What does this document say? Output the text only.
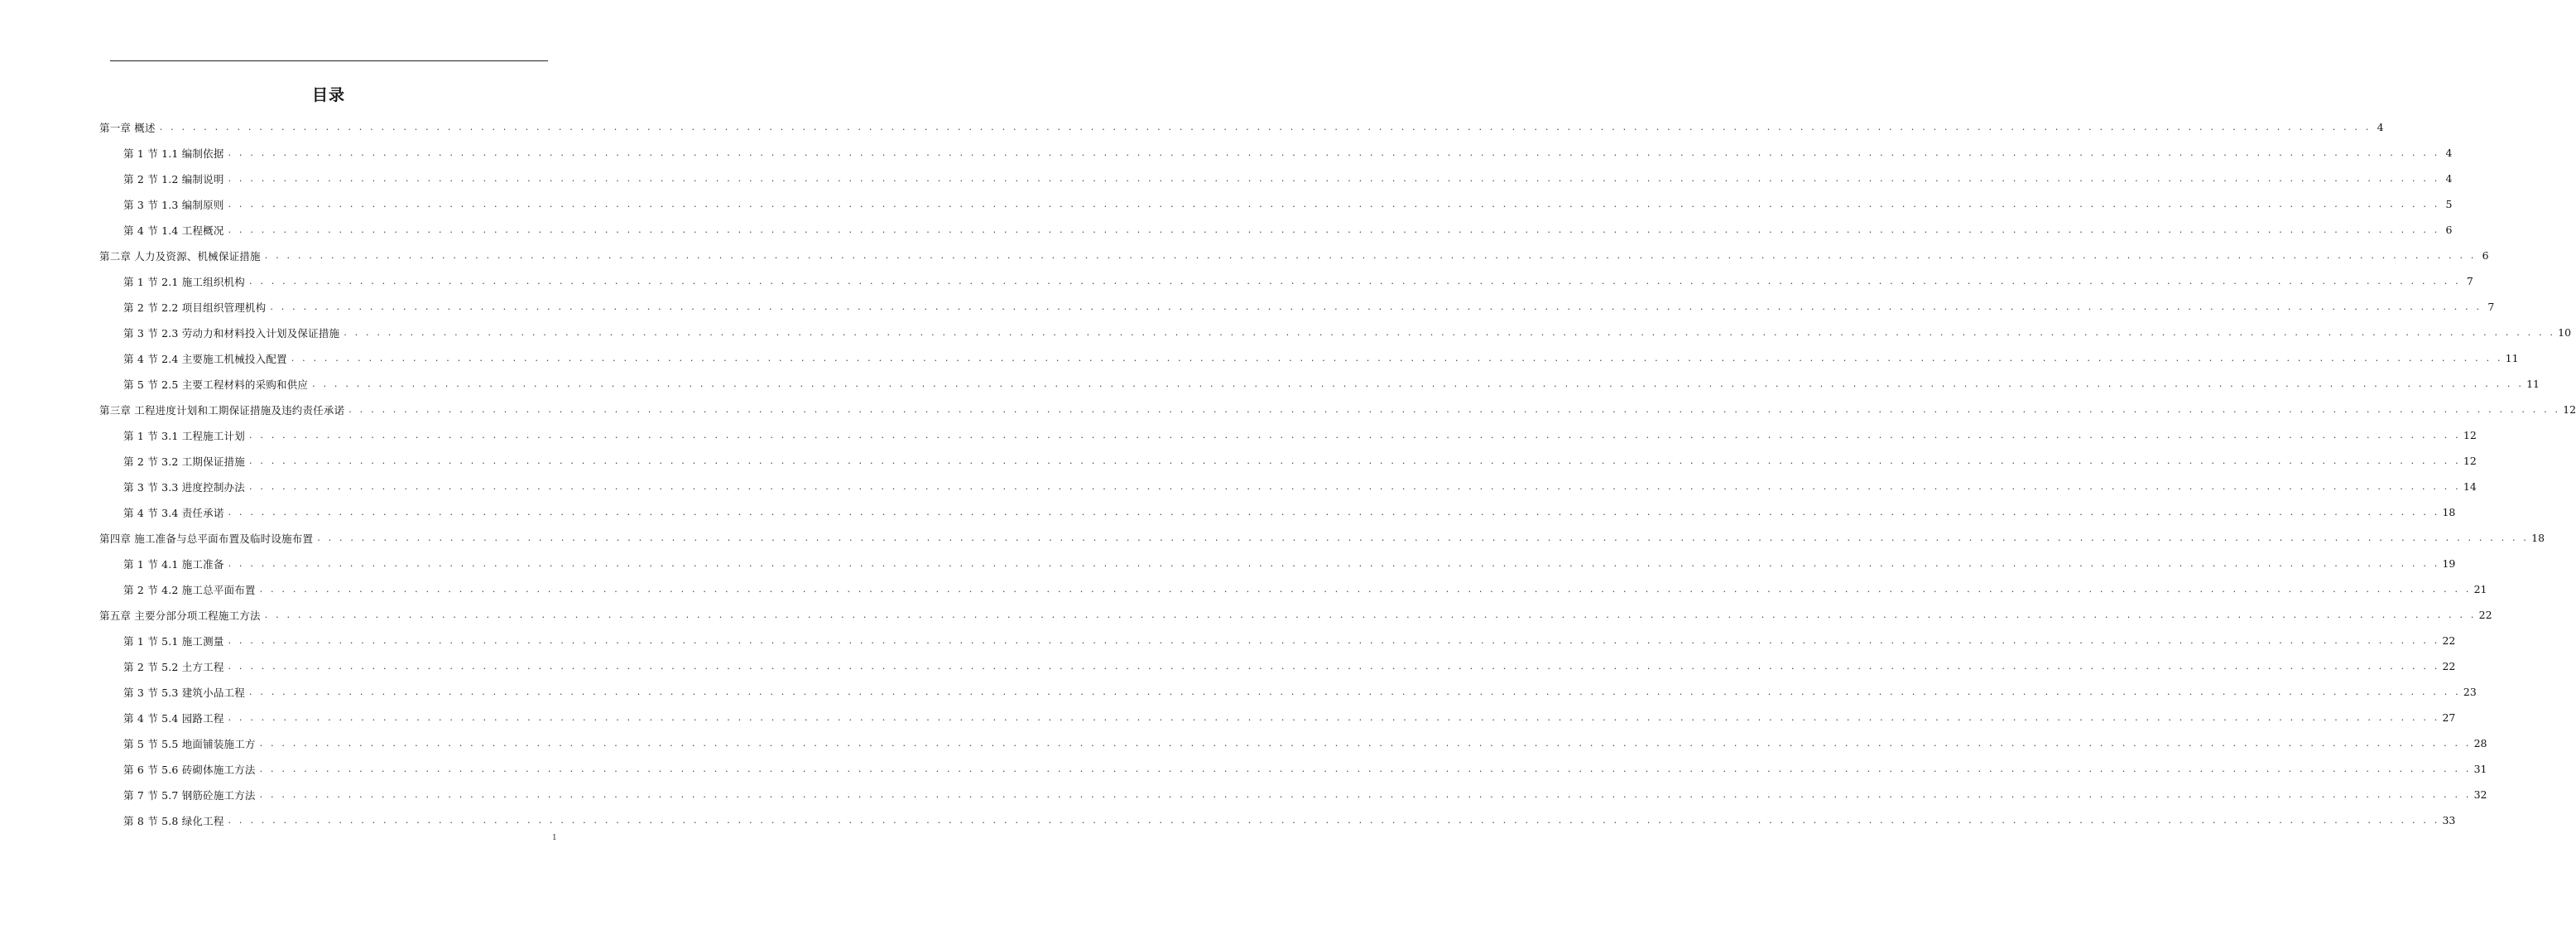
目录
第一章 概述 . . . . . . . . . . . . . . . . . . . . . . . . . . . . . . . . . . . . . . . . . . . . . . . . . . . . . . . . . . . . . . . . . . . . . . . . . . . . . . . . . . . . . . . . . . . . . . . . . . . . . . . . . . . . . . . . . . . . . . . . . . . . . . . . . . . . . . . . . . . . . . . . . . . . . . . . . . . . . . . . . . . . . . . . . . . . . . . . . . . . . . . . . . . . . . . . . . . . . . . . 4
第 1 节 1.1 编制依据 . . . . . . . . . . . . . . . . . . . . . . . . . . . . . . . . . . . . . . . . . . . . . . . . . . . . . . . . . . . . . . . . . . . . . . . . . . . . . . . . . . . . . . . . . . . . . . . . . . . . . . . . . . . . . . . . . . . . . . . . . . . . . . . . . . . . . . . . . . . . . . . . . . . . . . . . . . . . . . . . . . . . . . . . . . . . . . . . . . . . . . . . . . . . . . . . . . . . . . . . 4
第 2 节 1.2 编制说明 . . . . . . . . . . . . . . . . . . . . . . . . . . . . . . . . . . . . . . . . . . . . . . . . . . . . . . . . . . . . . . . . . . . . . . . . . . . . . . . . . . . . . . . . . . . . . . . . . . . . . . . . . . . . . . . . . . . . . . . . . . . . . . . . . . . . . . . . . . . . . . . . . . . . . . . . . . . . . . . . . . . . . . . . . . . . . . . . . . . . . . . . . . . . . . . . . . . . . . . . 4
第 3 节 1.3 编制原则 . . . . . . . . . . . . . . . . . . . . . . . . . . . . . . . . . . . . . . . . . . . . . . . . . . . . . . . . . . . . . . . . . . . . . . . . . . . . . . . . . . . . . . . . . . . . . . . . . . . . . . . . . . . . . . . . . . . . . . . . . . . . . . . . . . . . . . . . . . . . . . . . . . . . . . . . . . . . . . . . . . . . . . . . . . . . . . . . . . . . . . . . . . . . . . . . . . . . . . . . 5
第 4 节 1.4 工程概况 . . . . . . . . . . . . . . . . . . . . . . . . . . . . . . . . . . . . . . . . . . . . . . . . . . . . . . . . . . . . . . . . . . . . . . . . . . . . . . . . . . . . . . . . . . . . . . . . . . . . . . . . . . . . . . . . . . . . . . . . . . . . . . . . . . . . . . . . . . . . . . . . . . . . . . . . . . . . . . . . . . . . . . . . . . . . . . . . . . . . . . . . . . . . . . . . . . . . . . . . 6
第二章 人力及资源、机械保证措施 . . . . . . . . . . . . . . . . . . . . . . . . . . . . . . . . . . . . . . . . . . . . . . . . . . . . . . . . . . . . . . . . . . . . . . . . . . . . . . . . . . . . . . . . . . . . . . . . . . . . . . . . . . . . . . . . . . . . . . . . . . . . . . . . . . . . . . . . . . . . . . . . . . . . . . . . . . . . . . . . . . . . . . . . . . . . . . . . . . . . . . . . . . . . . . . . . . . . . . . . 6
第 1 节 2.1 施工组织机构 . . . . . . . . . . . . . . . . . . . . . . . . . . . . . . . . . . . . . . . . . . . . . . . . . . . . . . . . . . . . . . . . . . . . . . . . . . . . . . . . . . . . . . . . . . . . . . . . . . . . . . . . . . . . . . . . . . . . . . . . . . . . . . . . . . . . . . . . . . . . . . . . . . . . . . . . . . . . . . . . . . . . . . . . . . . . . . . . . . . . . . . . . . . . . . . . . . . . . . . . 7
第 2 节 2.2 项目组织管理机构 . . . . . . . . . . . . . . . . . . . . . . . . . . . . . . . . . . . . . . . . . . . . . . . . . . . . . . . . . . . . . . . . . . . . . . . . . . . . . . . . . . . . . . . . . . . . . . . . . . . . . . . . . . . . . . . . . . . . . . . . . . . . . . . . . . . . . . . . . . . . . . . . . . . . . . . . . . . . . . . . . . . . . . . . . . . . . . . . . . . . . . . . . . . . . . . . . . . . . . . . 7
第 3 节 2.3 劳动力和材料投入计划及保证措施 . . . . . . . . . . . . . . . . . . . . . . . . . . . . . . . . . . . . . . . . . . . . . . . . . . . . . . . . . . . . . . . . . . . . . . . . . . . . . . . . . . . . . . . . . . . . . . . . . . . . . . . . . . . . . . . . . . . . . . . . . . . . . . . . . . . . . . . . . . . . . . . . . . . . . . . . . . . . . . . . . . . . . . . . . . . . . . . . . . . . . . . . . . . . . . . . . . . . . . . . 10
第 4 节 2.4 主要施工机械投入配置 . . . . . . . . . . . . . . . . . . . . . . . . . . . . . . . . . . . . . . . . . . . . . . . . . . . . . . . . . . . . . . . . . . . . . . . . . . . . . . . . . . . . . . . . . . . . . . . . . . . . . . . . . . . . . . . . . . . . . . . . . . . . . . . . . . . . . . . . . . . . . . . . . . . . . . . . . . . . . . . . . . . . . . . . . . . . . . . . . . . . . . . . . . . . . . . . . . . . . . . . 11
第 5 节 2.5 主要工程材料的采购和供应 . . . . . . . . . . . . . . . . . . . . . . . . . . . . . . . . . . . . . . . . . . . . . . . . . . . . . . . . . . . . . . . . . . . . . . . . . . . . . . . . . . . . . . . . . . . . . . . . . . . . . . . . . . . . . . . . . . . . . . . . . . . . . . . . . . . . . . . . . . . . . . . . . . . . . . . . . . . . . . . . . . . . . . . . . . . . . . . . . . . . . . . . . . . . . . . . . . . . . . . . 11
第三章 工程进度计划和工期保证措施及违约责任承诺 . . . . . . . . . . . . . . . . . . . . . . . . . . . . . . . . . . . . . . . . . . . . . . . . . . . . . . . . . . . . . . . . . . . . . . . . . . . . . . . . . . . . . . . . . . . . . . . . . . . . . . . . . . . . . . . . . . . . . . . . . . . . . . . . . . . . . . . . . . . . . . . . . . . . . . . . . . . . . . . . . . . . . . . . . . . . . . . . . . . . . . . . . . . . . . . . . . . . . . . . 12
第 1 节 3.1 工程施工计划 . . . . . . . . . . . . . . . . . . . . . . . . . . . . . . . . . . . . . . . . . . . . . . . . . . . . . . . . . . . . . . . . . . . . . . . . . . . . . . . . . . . . . . . . . . . . . . . . . . . . . . . . . . . . . . . . . . . . . . . . . . . . . . . . . . . . . . . . . . . . . . . . . . . . . . . . . . . . . . . . . . . . . . . . . . . . . . . . . . . . . . . . . . . . . . . . . . . . . . . . 12
第 2 节 3.2 工期保证措施 . . . . . . . . . . . . . . . . . . . . . . . . . . . . . . . . . . . . . . . . . . . . . . . . . . . . . . . . . . . . . . . . . . . . . . . . . . . . . . . . . . . . . . . . . . . . . . . . . . . . . . . . . . . . . . . . . . . . . . . . . . . . . . . . . . . . . . . . . . . . . . . . . . . . . . . . . . . . . . . . . . . . . . . . . . . . . . . . . . . . . . . . . . . . . . . . . . . . . . . . 12
第 3 节 3.3 进度控制办法 . . . . . . . . . . . . . . . . . . . . . . . . . . . . . . . . . . . . . . . . . . . . . . . . . . . . . . . . . . . . . . . . . . . . . . . . . . . . . . . . . . . . . . . . . . . . . . . . . . . . . . . . . . . . . . . . . . . . . . . . . . . . . . . . . . . . . . . . . . . . . . . . . . . . . . . . . . . . . . . . . . . . . . . . . . . . . . . . . . . . . . . . . . . . . . . . . . . . . . . . 14
第 4 节 3.4 责任承诺 . . . . . . . . . . . . . . . . . . . . . . . . . . . . . . . . . . . . . . . . . . . . . . . . . . . . . . . . . . . . . . . . . . . . . . . . . . . . . . . . . . . . . . . . . . . . . . . . . . . . . . . . . . . . . . . . . . . . . . . . . . . . . . . . . . . . . . . . . . . . . . . . . . . . . . . . . . . . . . . . . . . . . . . . . . . . . . . . . . . . . . . . . . . . . . . . . . . . . . . . 18
第四章 施工准备与总平面布置及临时设施布置 . . . . . . . . . . . . . . . . . . . . . . . . . . . . . . . . . . . . . . . . . . . . . . . . . . . . . . . . . . . . . . . . . . . . . . . . . . . . . . . . . . . . . . . . . . . . . . . . . . . . . . . . . . . . . . . . . . . . . . . . . . . . . . . . . . . . . . . . . . . . . . . . . . . . . . . . . . . . . . . . . . . . . . . . . . . . . . . . . . . . . . . . . . . . . . . . . . . . . . . . 18
第 1 节 4.1 施工准备 . . . . . . . . . . . . . . . . . . . . . . . . . . . . . . . . . . . . . . . . . . . . . . . . . . . . . . . . . . . . . . . . . . . . . . . . . . . . . . . . . . . . . . . . . . . . . . . . . . . . . . . . . . . . . . . . . . . . . . . . . . . . . . . . . . . . . . . . . . . . . . . . . . . . . . . . . . . . . . . . . . . . . . . . . . . . . . . . . . . . . . . . . . . . . . . . . . . . . . . . 19
第 2 节 4.2 施工总平面布置 . . . . . . . . . . . . . . . . . . . . . . . . . . . . . . . . . . . . . . . . . . . . . . . . . . . . . . . . . . . . . . . . . . . . . . . . . . . . . . . . . . . . . . . . . . . . . . . . . . . . . . . . . . . . . . . . . . . . . . . . . . . . . . . . . . . . . . . . . . . . . . . . . . . . . . . . . . . . . . . . . . . . . . . . . . . . . . . . . . . . . . . . . . . . . . . . . . . . . . . . 21
第五章 主要分部分项工程施工方法 . . . . . . . . . . . . . . . . . . . . . . . . . . . . . . . . . . . . . . . . . . . . . . . . . . . . . . . . . . . . . . . . . . . . . . . . . . . . . . . . . . . . . . . . . . . . . . . . . . . . . . . . . . . . . . . . . . . . . . . . . . . . . . . . . . . . . . . . . . . . . . . . . . . . . . . . . . . . . . . . . . . . . . . . . . . . . . . . . . . . . . . . . . . . . . . . . . . . . . . . 22
第 1 节 5.1 施工测量 . . . . . . . . . . . . . . . . . . . . . . . . . . . . . . . . . . . . . . . . . . . . . . . . . . . . . . . . . . . . . . . . . . . . . . . . . . . . . . . . . . . . . . . . . . . . . . . . . . . . . . . . . . . . . . . . . . . . . . . . . . . . . . . . . . . . . . . . . . . . . . . . . . . . . . . . . . . . . . . . . . . . . . . . . . . . . . . . . . . . . . . . . . . . . . . . . . . . . . . . 22
第 2 节 5.2 土方工程 . . . . . . . . . . . . . . . . . . . . . . . . . . . . . . . . . . . . . . . . . . . . . . . . . . . . . . . . . . . . . . . . . . . . . . . . . . . . . . . . . . . . . . . . . . . . . . . . . . . . . . . . . . . . . . . . . . . . . . . . . . . . . . . . . . . . . . . . . . . . . . . . . . . . . . . . . . . . . . . . . . . . . . . . . . . . . . . . . . . . . . . . . . . . . . . . . . . . . . . . 22
第 3 节 5.3 建筑小品工程 . . . . . . . . . . . . . . . . . . . . . . . . . . . . . . . . . . . . . . . . . . . . . . . . . . . . . . . . . . . . . . . . . . . . . . . . . . . . . . . . . . . . . . . . . . . . . . . . . . . . . . . . . . . . . . . . . . . . . . . . . . . . . . . . . . . . . . . . . . . . . . . . . . . . . . . . . . . . . . . . . . . . . . . . . . . . . . . . . . . . . . . . . . . . . . . . . . . . . . . . 23
第 4 节 5.4 园路工程 . . . . . . . . . . . . . . . . . . . . . . . . . . . . . . . . . . . . . . . . . . . . . . . . . . . . . . . . . . . . . . . . . . . . . . . . . . . . . . . . . . . . . . . . . . . . . . . . . . . . . . . . . . . . . . . . . . . . . . . . . . . . . . . . . . . . . . . . . . . . . . . . . . . . . . . . . . . . . . . . . . . . . . . . . . . . . . . . . . . . . . . . . . . . . . . . . . . . . . . . 27
第 5 节 5.5 地面铺装施工方 . . . . . . . . . . . . . . . . . . . . . . . . . . . . . . . . . . . . . . . . . . . . . . . . . . . . . . . . . . . . . . . . . . . . . . . . . . . . . . . . . . . . . . . . . . . . . . . . . . . . . . . . . . . . . . . . . . . . . . . . . . . . . . . . . . . . . . . . . . . . . . . . . . . . . . . . . . . . . . . . . . . . . . . . . . . . . . . . . . . . . . . . . . . . . . . . . . . . . . . . 28
第 6 节 5.6 砖砌体施工方法 . . . . . . . . . . . . . . . . . . . . . . . . . . . . . . . . . . . . . . . . . . . . . . . . . . . . . . . . . . . . . . . . . . . . . . . . . . . . . . . . . . . . . . . . . . . . . . . . . . . . . . . . . . . . . . . . . . . . . . . . . . . . . . . . . . . . . . . . . . . . . . . . . . . . . . . . . . . . . . . . . . . . . . . . . . . . . . . . . . . . . . . . . . . . . . . . . . . . . . . . 31
第 7 节 5.7 钢筋砼施工方法 . . . . . . . . . . . . . . . . . . . . . . . . . . . . . . . . . . . . . . . . . . . . . . . . . . . . . . . . . . . . . . . . . . . . . . . . . . . . . . . . . . . . . . . . . . . . . . . . . . . . . . . . . . . . . . . . . . . . . . . . . . . . . . . . . . . . . . . . . . . . . . . . . . . . . . . . . . . . . . . . . . . . . . . . . . . . . . . . . . . . . . . . . . . . . . . . . . . . . . . . 32
第 8 节 5.8 绿化工程 . . . . . . . . . . . . . . . . . . . . . . . . . . . . . . . . . . . . . . . . . . . . . . . . . . . . . . . . . . . . . . . . . . . . . . . . . . . . . . . . . . . . . . . . . . . . . . . . . . . . . . . . . . . . . . . . . . . . . . . . . . . . . . . . . . . . . . . . . . . . . . . . . . . . . . . . . . . . . . . . . . . . . . . . . . . . . . . . . . . . . . . . . . . . . . . . . . . . . . . . 33
1
